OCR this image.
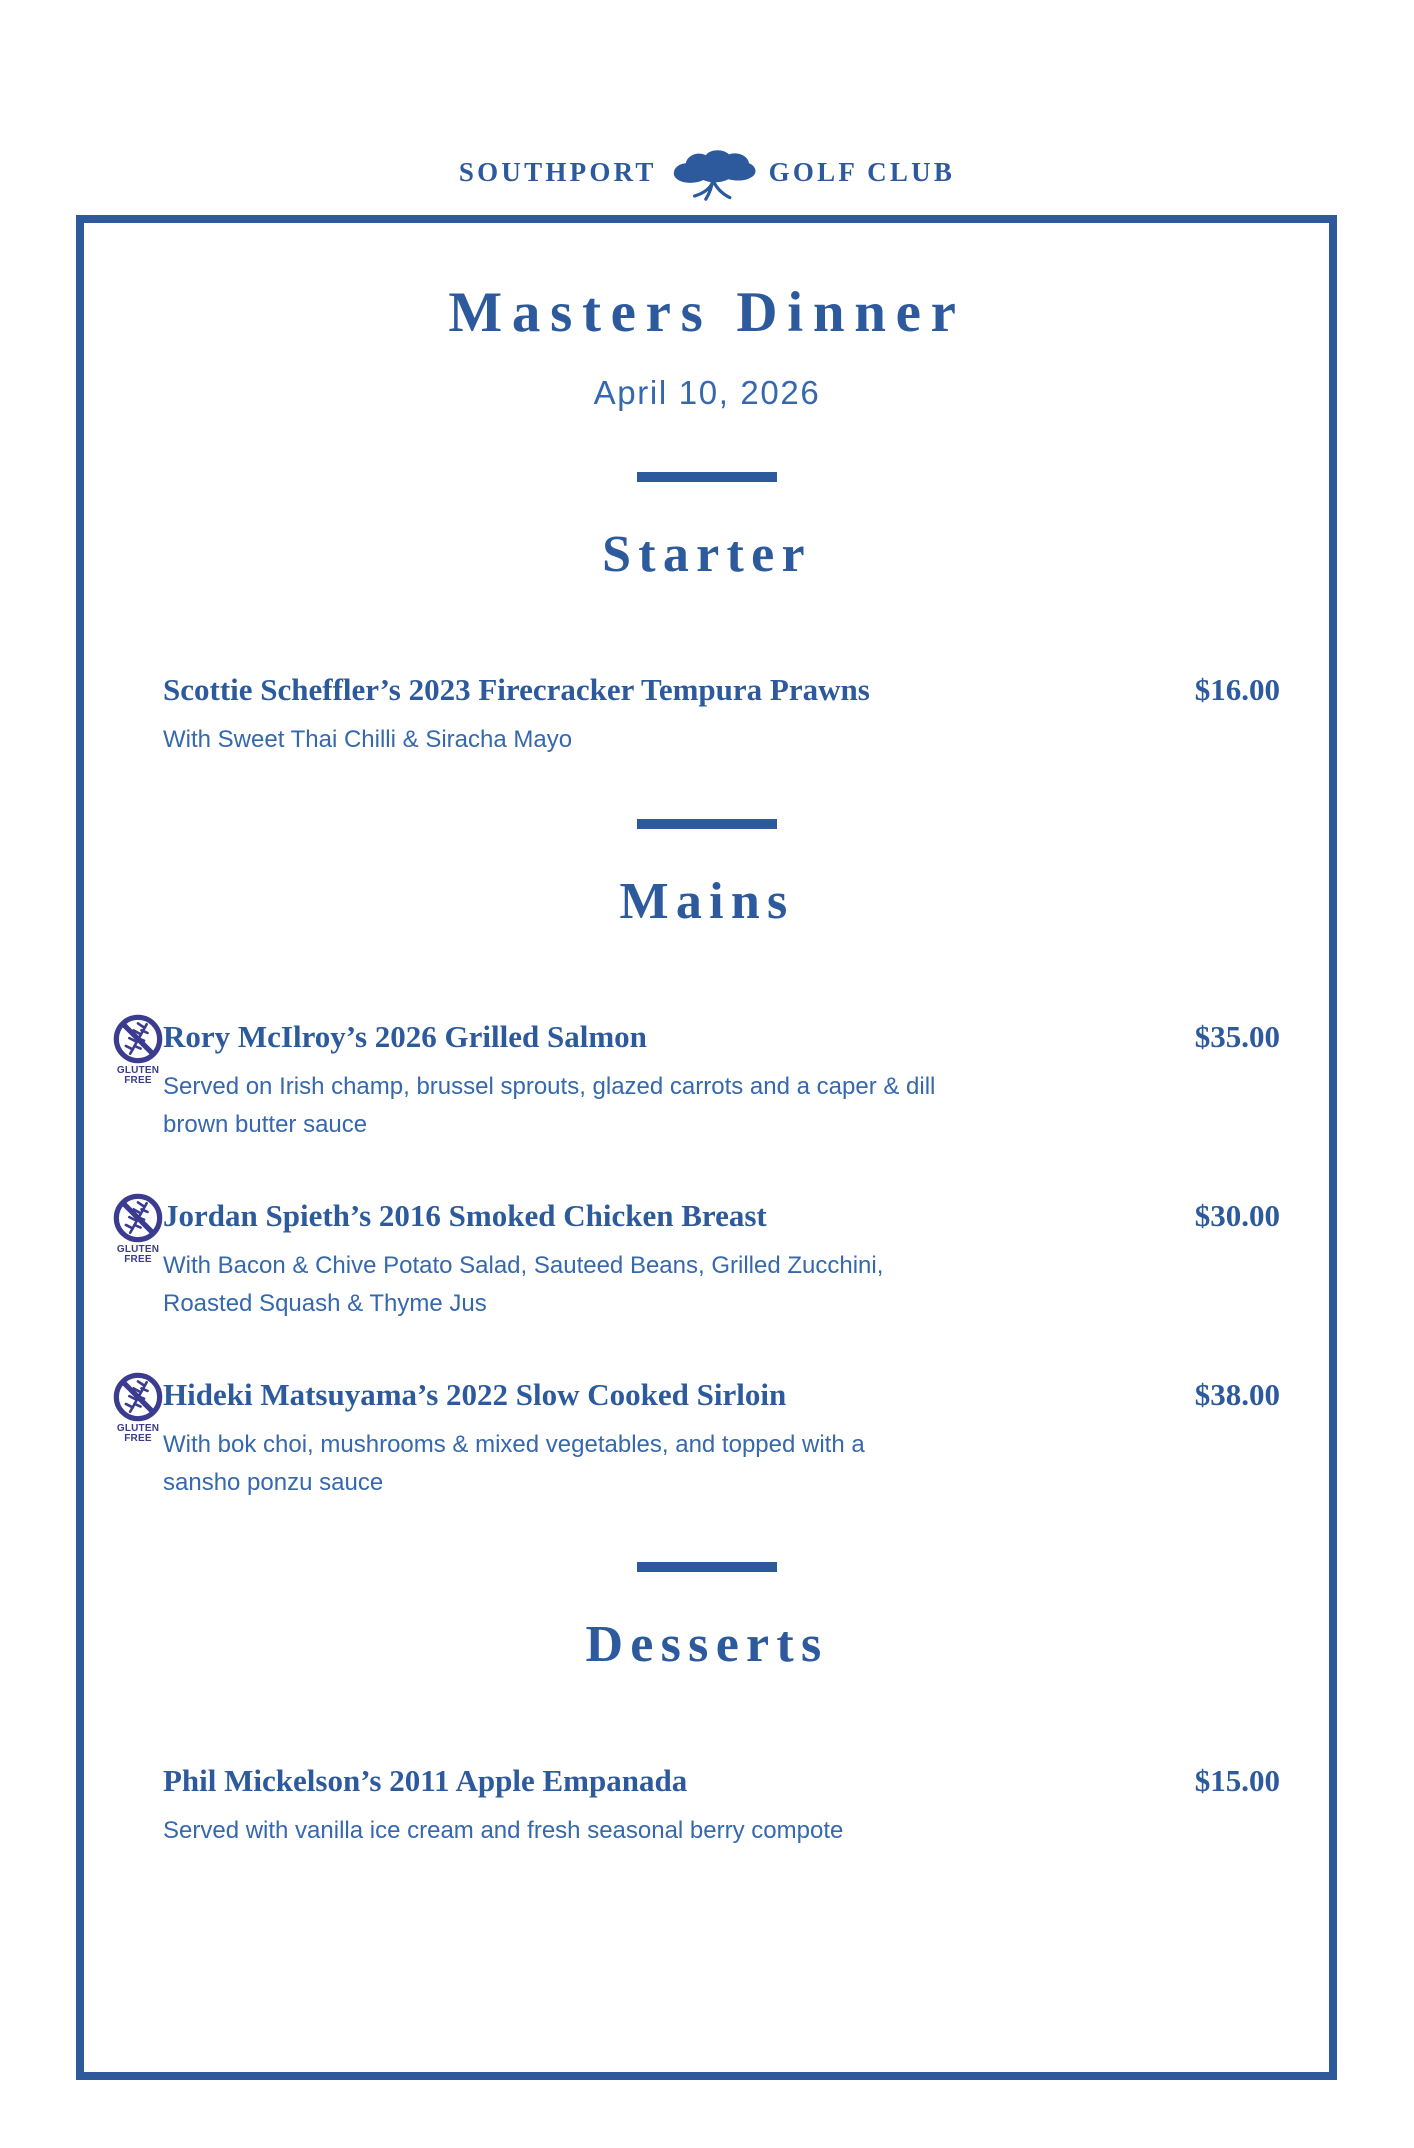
SOUTHPORT	GOLF CLUB
Masters Dinner
April 10, 2026
Starter
Scottie Scheffler’s 2023 Firecracker Tempura Prawns	$16.00
With Sweet Thai Chilli & Siracha Mayo
Mains
GLUTEN
FREE
Rory McIlroy’s 2026 Grilled Salmon	$35.00
Served on Irish champ, brussel sprouts, glazed carrots and a caper & dill
brown butter sauce
GLUTEN
FREE
Jordan Spieth’s 2016 Smoked Chicken Breast	$30.00
With Bacon & Chive Potato Salad, Sauteed Beans, Grilled Zucchini,
Roasted Squash & Thyme Jus
GLUTEN
FREE
Hideki Matsuyama’s 2022 Slow Cooked Sirloin	$38.00
With bok choi, mushrooms & mixed vegetables, and topped with a
sansho ponzu sauce
Desserts
Phil Mickelson’s 2011 Apple Empanada	$15.00
Served with vanilla ice cream and fresh seasonal berry compote
